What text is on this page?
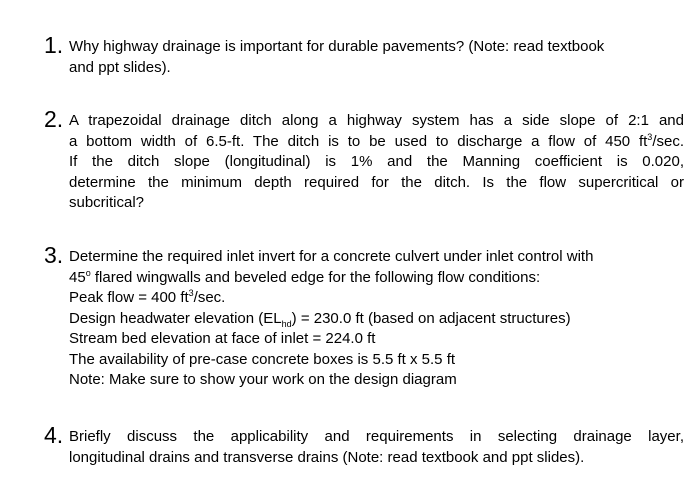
1. Why highway drainage is important for durable pavements? (Note: read textbook
and ppt slides).
2. A trapezoidal drainage ditch along a highway system has a side slope of 2:1 and
a bottom width of 6.5-ft. The ditch is to be used to discharge a flow of 450 $ft^3/\sec$.
If the ditch slope (longitudinal) is 1% and the Manning coefficient is 0.020,
determine the minimum depth required for the ditch. Is the flow supercritical or
subcritical?
3. Determine the required inlet invert for a concrete culvert under inlet control with
45$^o$ flared wingwalls and beveled edge for the following flow conditions:
Peak flow = 400 $ft^3/\sec$.
Design headwater elevation $(EL_{hd}) = 230.0$ ft (based on adjacent structures)
Stream bed elevation at face of inlet = 224.0 ft
The availability of pre-case concrete boxes is 5.5 ft x 5.5 ft
Note: Make sure to show your work on the design diagram
4. Briefly discuss the applicability and requirements in selecting drainage layer,
longitudinal drains and transverse drains (Note: read textbook and ppt slides).
